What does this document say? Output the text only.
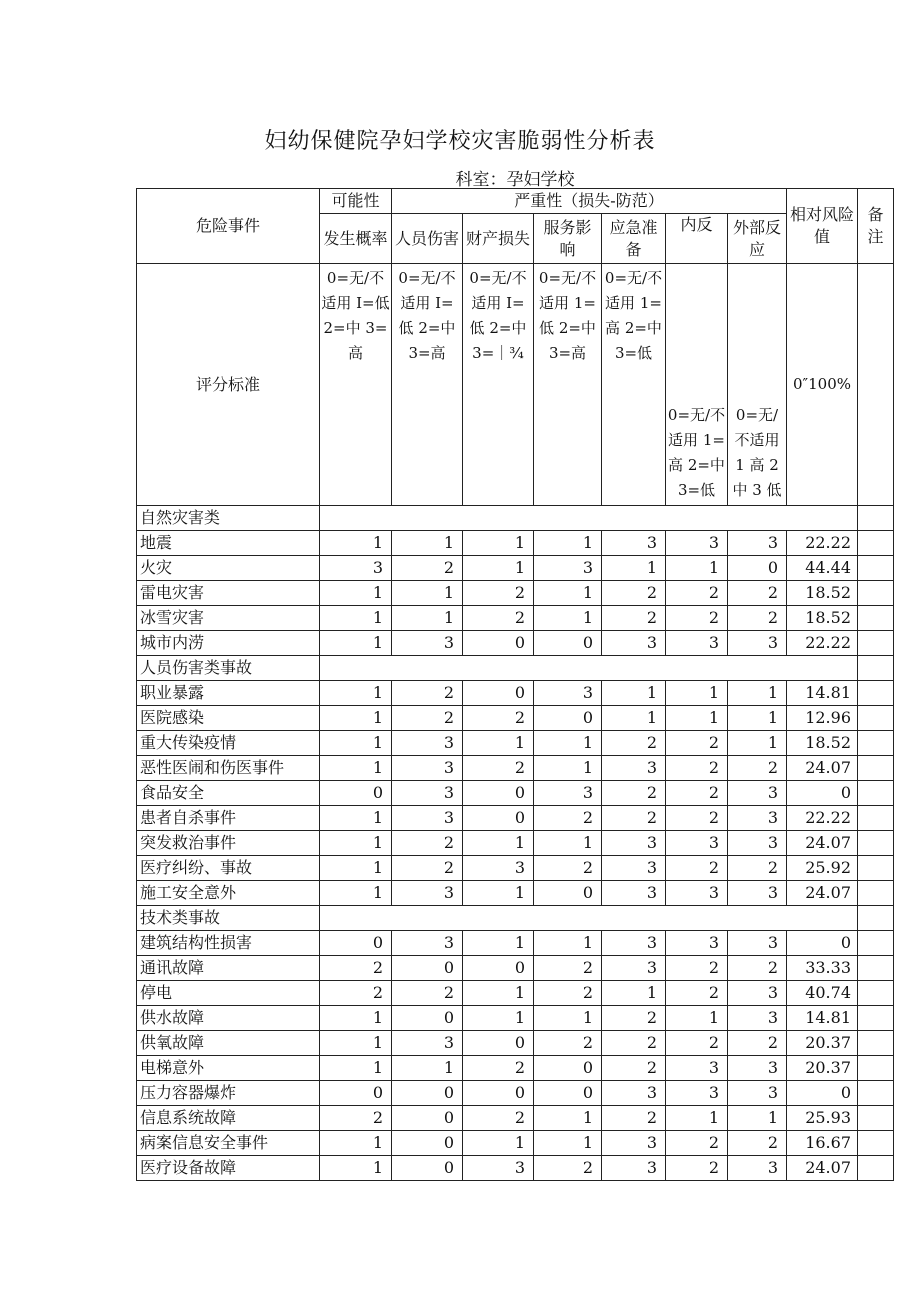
妇幼保健院孕妇学校灾害脆弱性分析表
科室：孕妇学校
危险事件	可能性	严重性（损失-防范）						相对风险值	备注
	发生概率	人员伤害	财产损失	服务影响	应急准备	内反	外部反应		
评分标准	0=无/不适用 I=低 2=中 3=高	0=无/不适用 I=低 2=中 3=高	0=无/不适用 I=低 2=中 3=｜¾	0=无/不适用 1=低 2=中 3=高	0=无/不适用 1=高 2=中 3=低	0=无/不适用 1=高 2=中 3=低	0=无/不适用 1 高 2 中 3 低	0″100%	
自然灾害类									
地震	1	1	1	1	3	3	3	22.22	
火灾	3	2	1	3	1	1	0	44.44	
雷电灾害	1	1	2	1	2	2	2	18.52	
冰雪灾害	1	1	2	1	2	2	2	18.52	
城市内涝	1	3	0	0	3	3	3	22.22	
人员伤害类事故									
职业暴露	1	2	0	3	1	1	1	14.81	
医院感染	1	2	2	0	1	1	1	12.96	
重大传染疫情	1	3	1	1	2	2	1	18.52	
恶性医闹和伤医事件	1	3	2	1	3	2	2	24.07	
食品安全	0	3	0	3	2	2	3	0	
患者自杀事件	1	3	0	2	2	2	3	22.22	
突发救治事件	1	2	1	1	3	3	3	24.07	
医疗纠纷、事故	1	2	3	2	3	2	2	25.92	
施工安全意外	1	3	1	0	3	3	3	24.07	
技术类事故									
建筑结构性损害	0	3	1	1	3	3	3	0	
通讯故障	2	0	0	2	3	2	2	33.33	
停电	2	2	1	2	1	2	3	40.74	
供水故障	1	0	1	1	2	1	3	14.81	
供氧故障	1	3	0	2	2	2	2	20.37	
电梯意外	1	1	2	0	2	3	3	20.37	
压力容器爆炸	0	0	0	0	3	3	3	0	
信息系统故障	2	0	2	1	2	1	1	25.93	
病案信息安全事件	1	0	1	1	3	2	2	16.67	
医疗设备故障	1	0	3	2	3	2	3	24.07	
